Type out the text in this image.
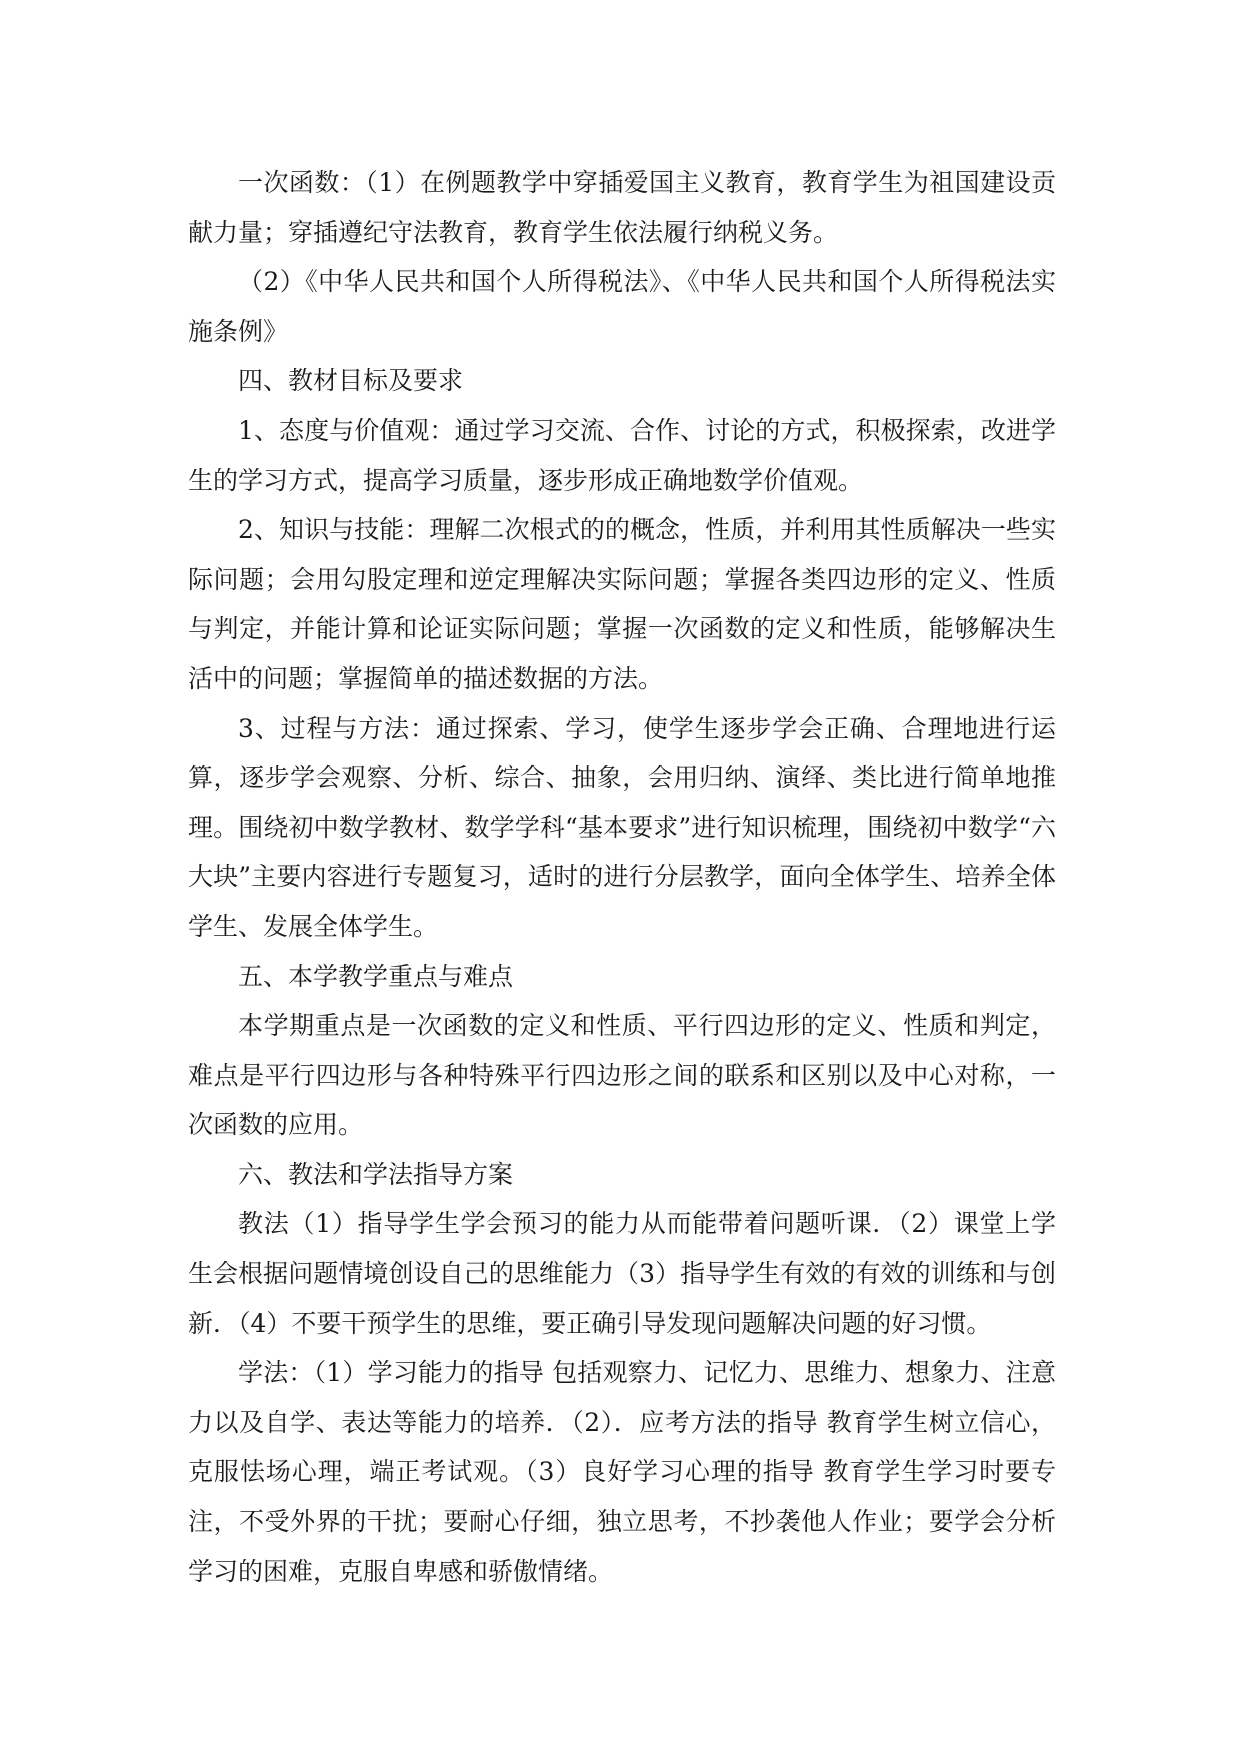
一次函数：（1）在例题教学中穿插爱国主义教育，教育学生为祖国建设贡献力量；穿插遵纪守法教育，教育学生依法履行纳税义务。

（2）《中华人民共和国个人所得税法》、《中华人民共和国个人所得税法实施条例》

四、教材目标及要求

1、态度与价值观：通过学习交流、合作、讨论的方式，积极探索，改进学生的学习方式，提高学习质量，逐步形成正确地数学价值观。

2、知识与技能：理解二次根式的的概念，性质，并利用其性质解决一些实际问题；会用勾股定理和逆定理解决实际问题；掌握各类四边形的定义、性质与判定，并能计算和论证实际问题；掌握一次函数的定义和性质，能够解决生活中的问题；掌握简单的描述数据的方法。

3、过程与方法：通过探索、学习，使学生逐步学会正确、合理地进行运算，逐步学会观察、分析、综合、抽象，会用归纳、演绎、类比进行简单地推理。围绕初中数学教材、数学学科“基本要求”进行知识梳理，围绕初中数学“六大块”主要内容进行专题复习，适时的进行分层教学，面向全体学生、培养全体学生、发展全体学生。

五、本学教学重点与难点

本学期重点是一次函数的定义和性质、平行四边形的定义、性质和判定，难点是平行四边形与各种特殊平行四边形之间的联系和区别以及中心对称，一次函数的应用。

六、教法和学法指导方案

教法（1）指导学生学会预习的能力从而能带着问题听课．（2）课堂上学生会根据问题情境创设自己的思维能力（3）指导学生有效的有效的训练和与创新．（4）不要干预学生的思维，要正确引导发现问题解决问题的好习惯。

学法：（1）学习能力的指导 包括观察力、记忆力、思维力、想象力、注意力以及自学、表达等能力的培养．（2）．应考方法的指导 教育学生树立信心，克服怯场心理，端正考试观。（3）良好学习心理的指导 教育学生学习时要专注，不受外界的干扰；要耐心仔细，独立思考，不抄袭他人作业；要学会分析学习的困难，克服自卑感和骄傲情绪。
